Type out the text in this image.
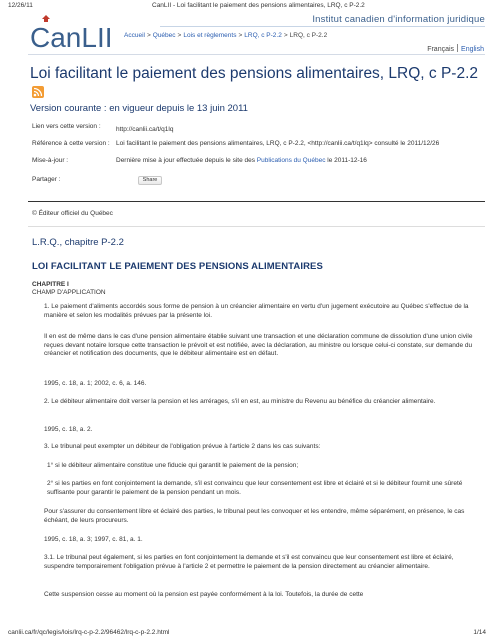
12/26/11	CanLII - Loi facilitant le paiement des pensions alimentaires, LRQ, c P-2.2
CanLII
Institut canadien d'information juridique
Accueil > Québec > Lois et règlements > LRQ, c P-2.2 > LRQ, c P-2.2
Français English
Loi facilitant le paiement des pensions alimentaires, LRQ, c P-2.2
Version courante : en vigueur depuis le 13 juin 2011
Lien vers cette version :	http://canlii.ca/t/q1lq
Référence à cette version : Loi facilitant le paiement des pensions alimentaires, LRQ, c P-2.2, <http://canlii.ca/t/q1lq> consulté le 2011/12/26
Mise-à-jour :	Dernière mise à jour effectuée depuis le site des Publications du Québec le 2011-12-16
Partager :	Share
© Éditeur officiel du Québec
L.R.Q., chapitre P-2.2
LOI FACILITANT LE PAIEMENT DES PENSIONS ALIMENTAIRES
CHAPITRE I
CHAMP D'APPLICATION
1. Le paiement d'aliments accordés sous forme de pension à un créancier alimentaire en vertu d'un jugement exécutoire au Québec s'effectue de la manière et selon les modalités prévues par la présente loi.
Il en est de même dans le cas d'une pension alimentaire établie suivant une transaction et une déclaration commune de dissolution d'une union civile reçues devant notaire lorsque cette transaction le prévoit et est notifiée, avec la déclaration, au ministre ou lorsque celui-ci constate, sur demande du créancier et notification des documents, que le débiteur alimentaire est en défaut.
1995, c. 18, a. 1; 2002, c. 6, a. 146.
2. Le débiteur alimentaire doit verser la pension et les arrérages, s'il en est, au ministre du Revenu au bénéfice du créancier alimentaire.
1995, c. 18, a. 2.
3. Le tribunal peut exempter un débiteur de l'obligation prévue à l'article 2 dans les cas suivants:
1° si le débiteur alimentaire constitue une fiducie qui garantit le paiement de la pension;
2° si les parties en font conjointement la demande, s'il est convaincu que leur consentement est libre et éclairé et si le débiteur fournit une sûreté suffisante pour garantir le paiement de la pension pendant un mois.
Pour s'assurer du consentement libre et éclairé des parties, le tribunal peut les convoquer et les entendre, même séparément, en présence, le cas échéant, de leurs procureurs.
1995, c. 18, a. 3; 1997, c. 81, a. 1.
3.1. Le tribunal peut également, si les parties en font conjointement la demande et s'il est convaincu que leur consentement est libre et éclairé, suspendre temporairement l'obligation prévue à l'article 2 et permettre le paiement de la pension directement au créancier alimentaire.
Cette suspension cesse au moment où la pension est payée conformément à la loi. Toutefois, la durée de cette
canlii.ca/fr/qc/legis/lois/lrq-c-p-2.2/96462/lrq-c-p-2.2.html	1/14
